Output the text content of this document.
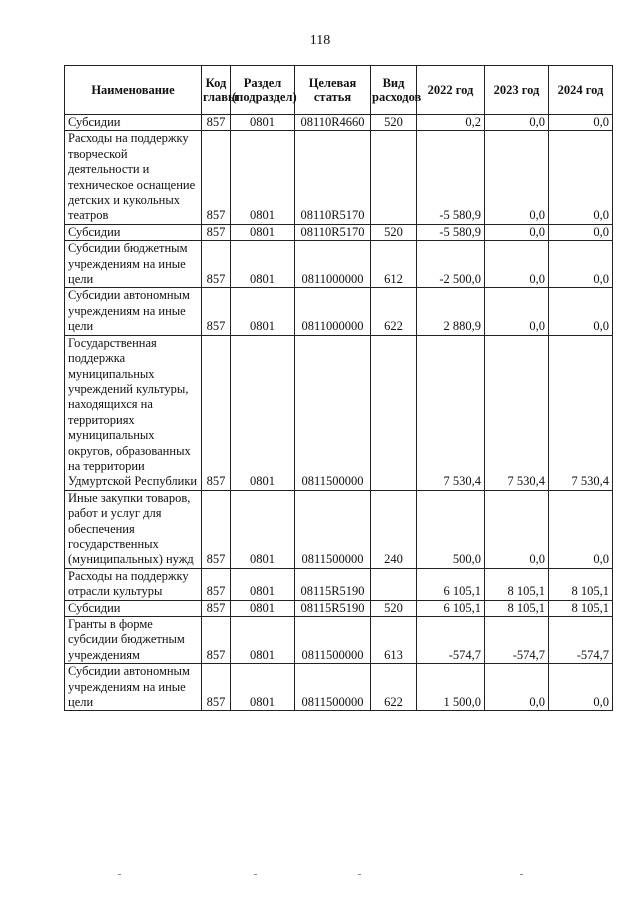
118
Наименование	Код главы	Раздел (подраздел)	Целевая статья	Вид расходов	2022 год	2023 год	2024 год
Субсидии	857	0801	08110R4660	520	0,2	0,0	0,0
Расходы на поддержку творческой деятельности и техническое оснащение детских и кукольных театров	857	0801	08110R5170		-5 580,9	0,0	0,0
Субсидии	857	0801	08110R5170	520	-5 580,9	0,0	0,0
Субсидии бюджетным учреждениям на иные цели	857	0801	0811000000	612	-2 500,0	0,0	0,0
Субсидии автономным учреждениям на иные цели	857	0801	0811000000	622	2 880,9	0,0	0,0
Государственная поддержка муниципальных учреждений культуры, находящихся на территориях муниципальных округов, образованных на территории Удмуртской Республики	857	0801	0811500000		7 530,4	7 530,4	7 530,4
Иные закупки товаров, работ и услуг для обеспечения государственных (муниципальных) нужд	857	0801	0811500000	240	500,0	0,0	0,0
Расходы на поддержку отрасли культуры	857	0801	08115R5190		6 105,1	8 105,1	8 105,1
Субсидии	857	0801	08115R5190	520	6 105,1	8 105,1	8 105,1
Гранты в форме субсидии бюджетным учреждениям	857	0801	0811500000	613	-574,7	-574,7	-574,7
Субсидии автономным учреждениям на иные цели	857	0801	0811500000	622	1 500,0	0,0	0,0
